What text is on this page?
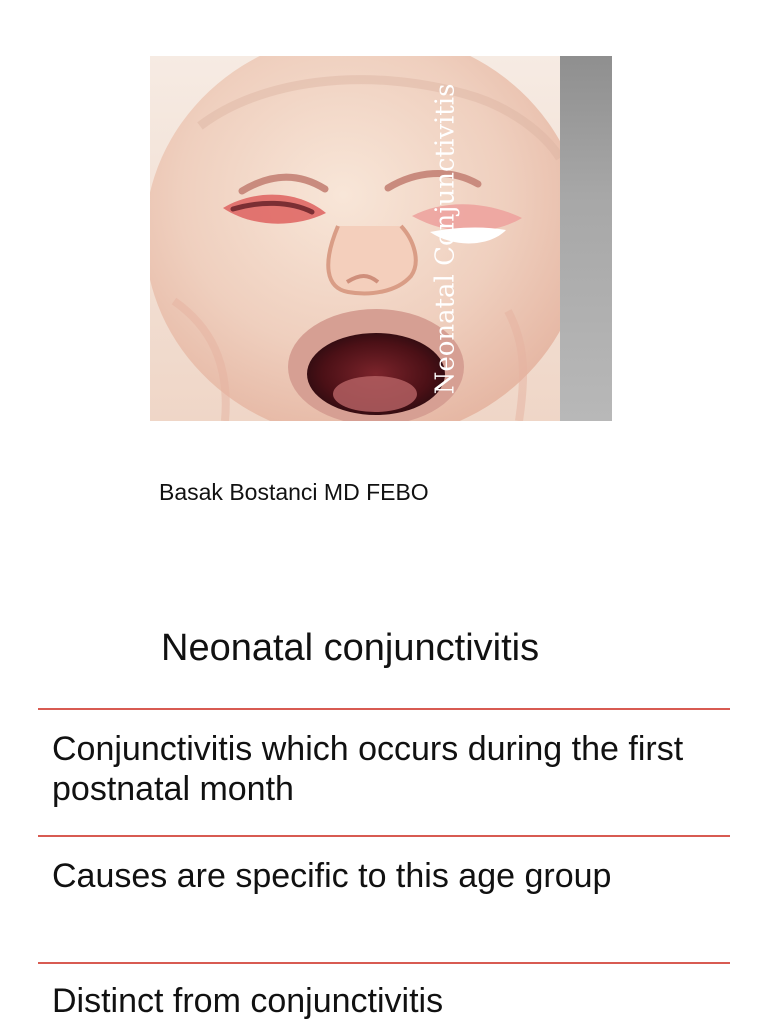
Neonatal Conjunctivitis
Basak Bostanci MD FEBO
Neonatal conjunctivitis
Conjunctivitis which occurs during the first postnatal month
Causes are specific to this age group
Distinct from conjunctivitis
